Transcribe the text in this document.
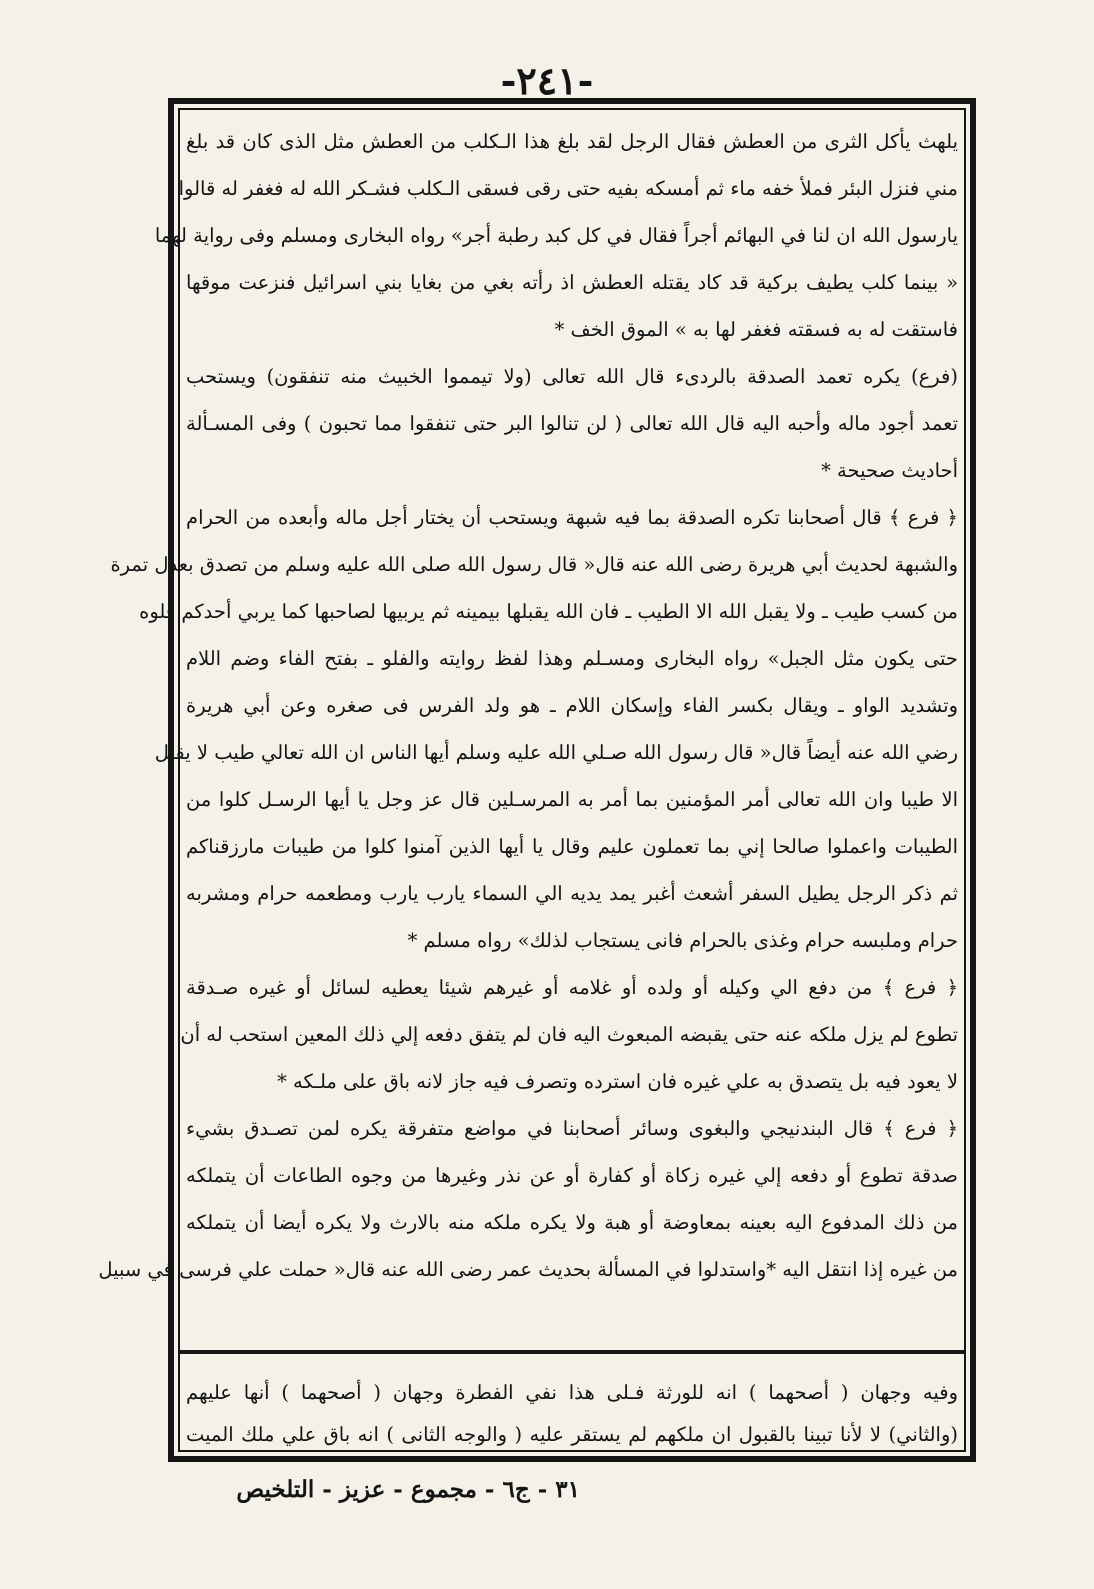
-٢٤١-
يلهث يأكل الثرى من العطش فقال الرجل لقد بلغ هذا الـكلب من العطش مثل الذى كان قد بلغ
مني فنزل البئر فملأ خفه ماء ثم أمسكه بفيه حتى رقى فسقى الـكلب فشـكر الله له فغفر له قالوا
يارسول الله ان لنا في البهائم أجراً فقال في كل كبد رطبة أجر» رواه البخارى ومسلم وفى رواية لهما
« بينما كلب يطيف بركية قد كاد يقتله العطش اذ رأته بغي من بغايا بني اسرائيل فنزعت موقها
فاستقت له به فسقته فغفر لها به » الموق الخف *
(فرع) يكره تعمد الصدقة بالردىء قال الله تعالى (ولا تيمموا الخبيث منه تنفقون) ويستحب
تعمد أجود ماله وأحبه اليه قال الله تعالى ( لن تنالوا البر حتى تنفقوا مما تحبون ) وفى المسـألة
أحاديث صحيحة *
﴿ فرع ﴾ قال أصحابنا تكره الصدقة بما فيه شبهة ويستحب أن يختار أجل ماله وأبعده من الحرام
والشبهة لحديث أبي هريرة رضى الله عنه قال« قال رسول الله صلى الله عليه وسلم من تصدق بعدل تمرة
من كسب طيب ـ ولا يقبل الله الا الطيب ـ فان الله يقبلها بيمينه ثم يربيها لصاحبها كما يربي أحدكم فلوه
حتى يكون مثل الجبل» رواه البخارى ومسـلم وهذا لفظ روايته والفلو ـ بفتح الفاء وضم اللام
وتشديد الواو ـ ويقال بكسر الفاء وإسكان اللام ـ هو ولد الفرس فى صغره وعن أبي هريرة
رضي الله عنه أيضاً قال« قال رسول الله صـلي الله عليه وسلم أيها الناس ان الله تعالي طيب لا يقبل
الا طيبا وان الله تعالى أمر المؤمنين بما أمر به المرسـلين قال عز وجل يا أيها الرسـل كلوا من
الطيبات واعملوا صالحا إني بما تعملون عليم وقال يا أيها الذين آمنوا كلوا من طيبات مارزقناكم
ثم ذكر الرجل يطيل السفر أشعث أغبر يمد يديه الي السماء يارب يارب ومطعمه حرام ومشربه
حرام وملبسه حرام وغذى بالحرام فانى يستجاب لذلك» رواه مسلم *
﴿ فرع ﴾ من دفع الي وكيله أو ولده أو غلامه أو غيرهم شيئا يعطيه لسائل أو غيره صـدقة
تطوع لم يزل ملكه عنه حتى يقبضه المبعوث اليه فان لم يتفق دفعه إلي ذلك المعين استحب له أن
لا يعود فيه بل يتصدق به علي غيره فان استرده وتصرف فيه جاز لانه باق على ملـكه *
﴿ فرع ﴾ قال البندنيجي والبغوى وسائر أصحابنا في مواضع متفرقة يكره لمن تصـدق بشيء
صدقة تطوع أو دفعه إلي غيره زكاة أو كفارة أو عن نذر وغيرها من وجوه الطاعات أن يتملكه
من ذلك المدفوع اليه بعينه بمعاوضة أو هبة ولا يكره ملكه منه بالارث ولا يكره أيضا أن يتملكه
من غيره إذا انتقل اليه *واستدلوا في المسألة بحديث عمر رضى الله عنه قال« حملت علي فرسى في سبيل
وفيه وجهان ( أصحهما ) انه للورثة فـلى هذا نفي الفطرة وجهان ( أصحهما ) أنها عليهم
(والثاني) لا لأنا تبينا بالقبول ان ملكهم لم يستقر عليه ( والوجه الثانى ) انه باق علي ملك الميت
٣١ - ج٦ - مجموع - عزيز - التلخيص
